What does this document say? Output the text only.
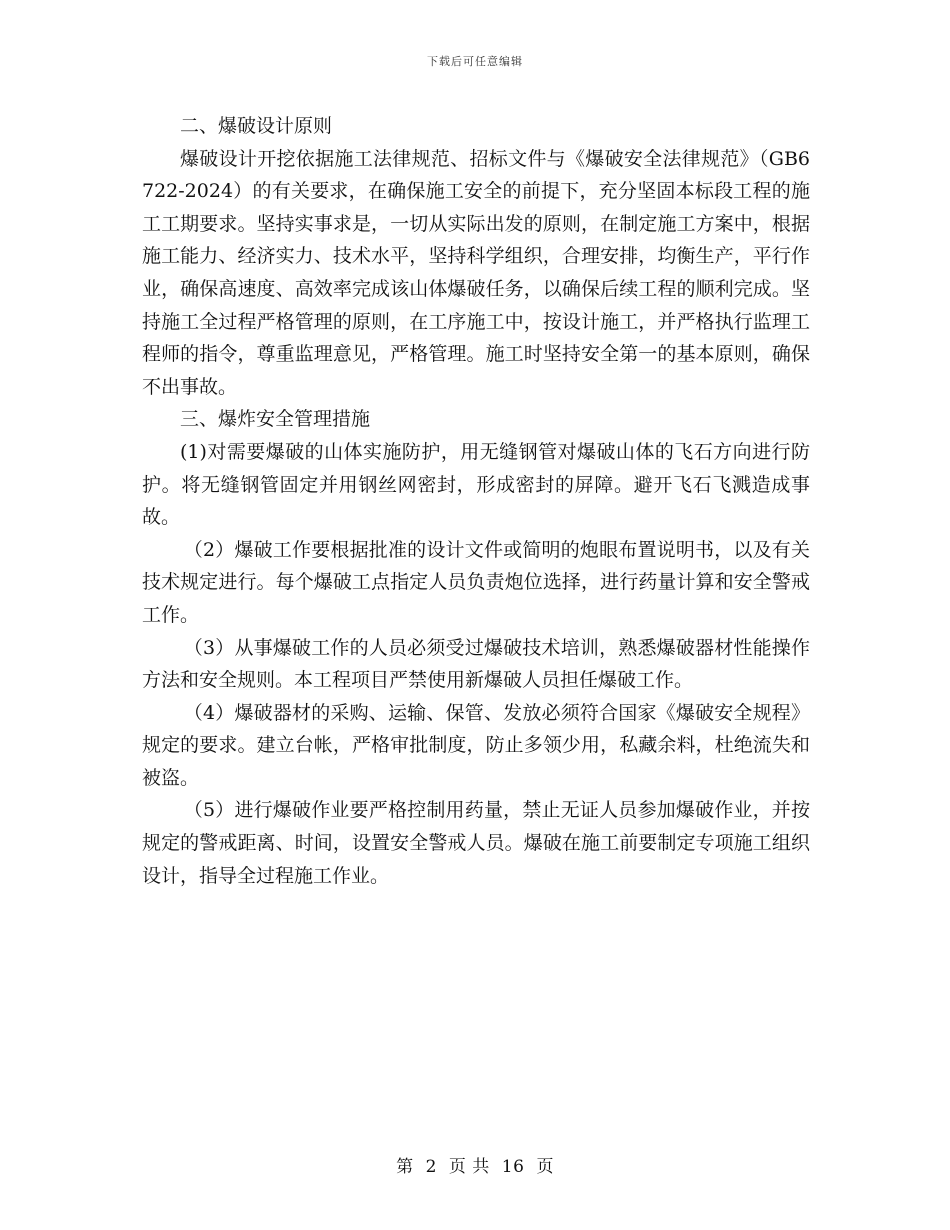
下载后可任意编辑

二、爆破设计原则

爆破设计开挖依据施工法律规范、招标文件与《爆破安全法律规范》（GB6722-2024）的有关要求，在确保施工安全的前提下，充分坚固本标段工程的施工工期要求。坚持实事求是，一切从实际出发的原则，在制定施工方案中，根据施工能力、经济实力、技术水平，坚持科学组织，合理安排，均衡生产，平行作业，确保高速度、高效率完成该山体爆破任务，以确保后续工程的顺利完成。坚持施工全过程严格管理的原则，在工序施工中，按设计施工，并严格执行监理工程师的指令，尊重监理意见，严格管理。施工时坚持安全第一的基本原则，确保不出事故。

三、爆炸安全管理措施

(1)对需要爆破的山体实施防护，用无缝钢管对爆破山体的飞石方向进行防护。将无缝钢管固定并用钢丝网密封，形成密封的屏障。避开飞石飞溅造成事故。

（2）爆破工作要根据批准的设计文件或简明的炮眼布置说明书，以及有关技术规定进行。每个爆破工点指定人员负责炮位选择，进行药量计算和安全警戒工作。

（3）从事爆破工作的人员必须受过爆破技术培训，熟悉爆破器材性能操作方法和安全规则。本工程项目严禁使用新爆破人员担任爆破工作。

（4）爆破器材的采购、运输、保管、发放必须符合国家《爆破安全规程》规定的要求。建立台帐，严格审批制度，防止多领少用，私藏余料，杜绝流失和被盗。

（5）进行爆破作业要严格控制用药量，禁止无证人员参加爆破作业，并按规定的警戒距离、时间，设置安全警戒人员。爆破在施工前要制定专项施工组织设计，指导全过程施工作业。

第 2 页 共 16 页
